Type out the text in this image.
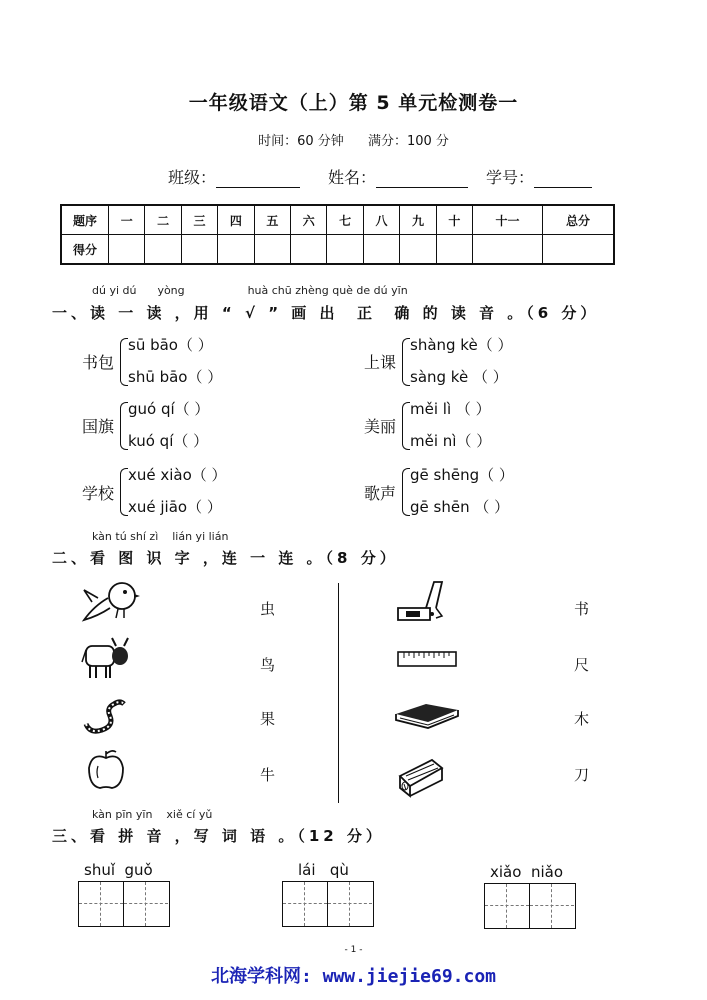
一年级语文（上）第 5 单元检测卷一
时间：60 分钟 满分：100 分
班级：	姓名：	学号：
题序	一	二	三	四	五	六	七	八	九	十	十一	总分
得分												
dú yi dú      yòng                  huà chū zhèng què de dú yīn
一、读 一 读 ，用 “ √ ” 画 出  正  确 的 读 音 。（6 分）
书包
sū bāo（ ）
shū bāo（ ）
上课
shàng kè（ ）
sàng kè （ ）
国旗
guó qí（ ）
kuó qí（ ）
美丽
měi lì （ ）
měi nì（ ）
学校
xué xiào（ ）
xué jiāo（ ）
歌声
gē shēng（ ）
gē shēn （ ）
kàn tú shí zì    lián yi lián
二、看 图 识 字 ，连 一 连 。（8 分）
虫
鸟
果
牛
书
尺
木
刀
kàn pīn yīn    xiě cí yǔ
三、看 拼 音 ，写 词 语 。（12 分）
shuǐ  guǒ	lái   qù	xiǎo  niǎo
- 1 -
北海学科网: www.jiejie69.com
